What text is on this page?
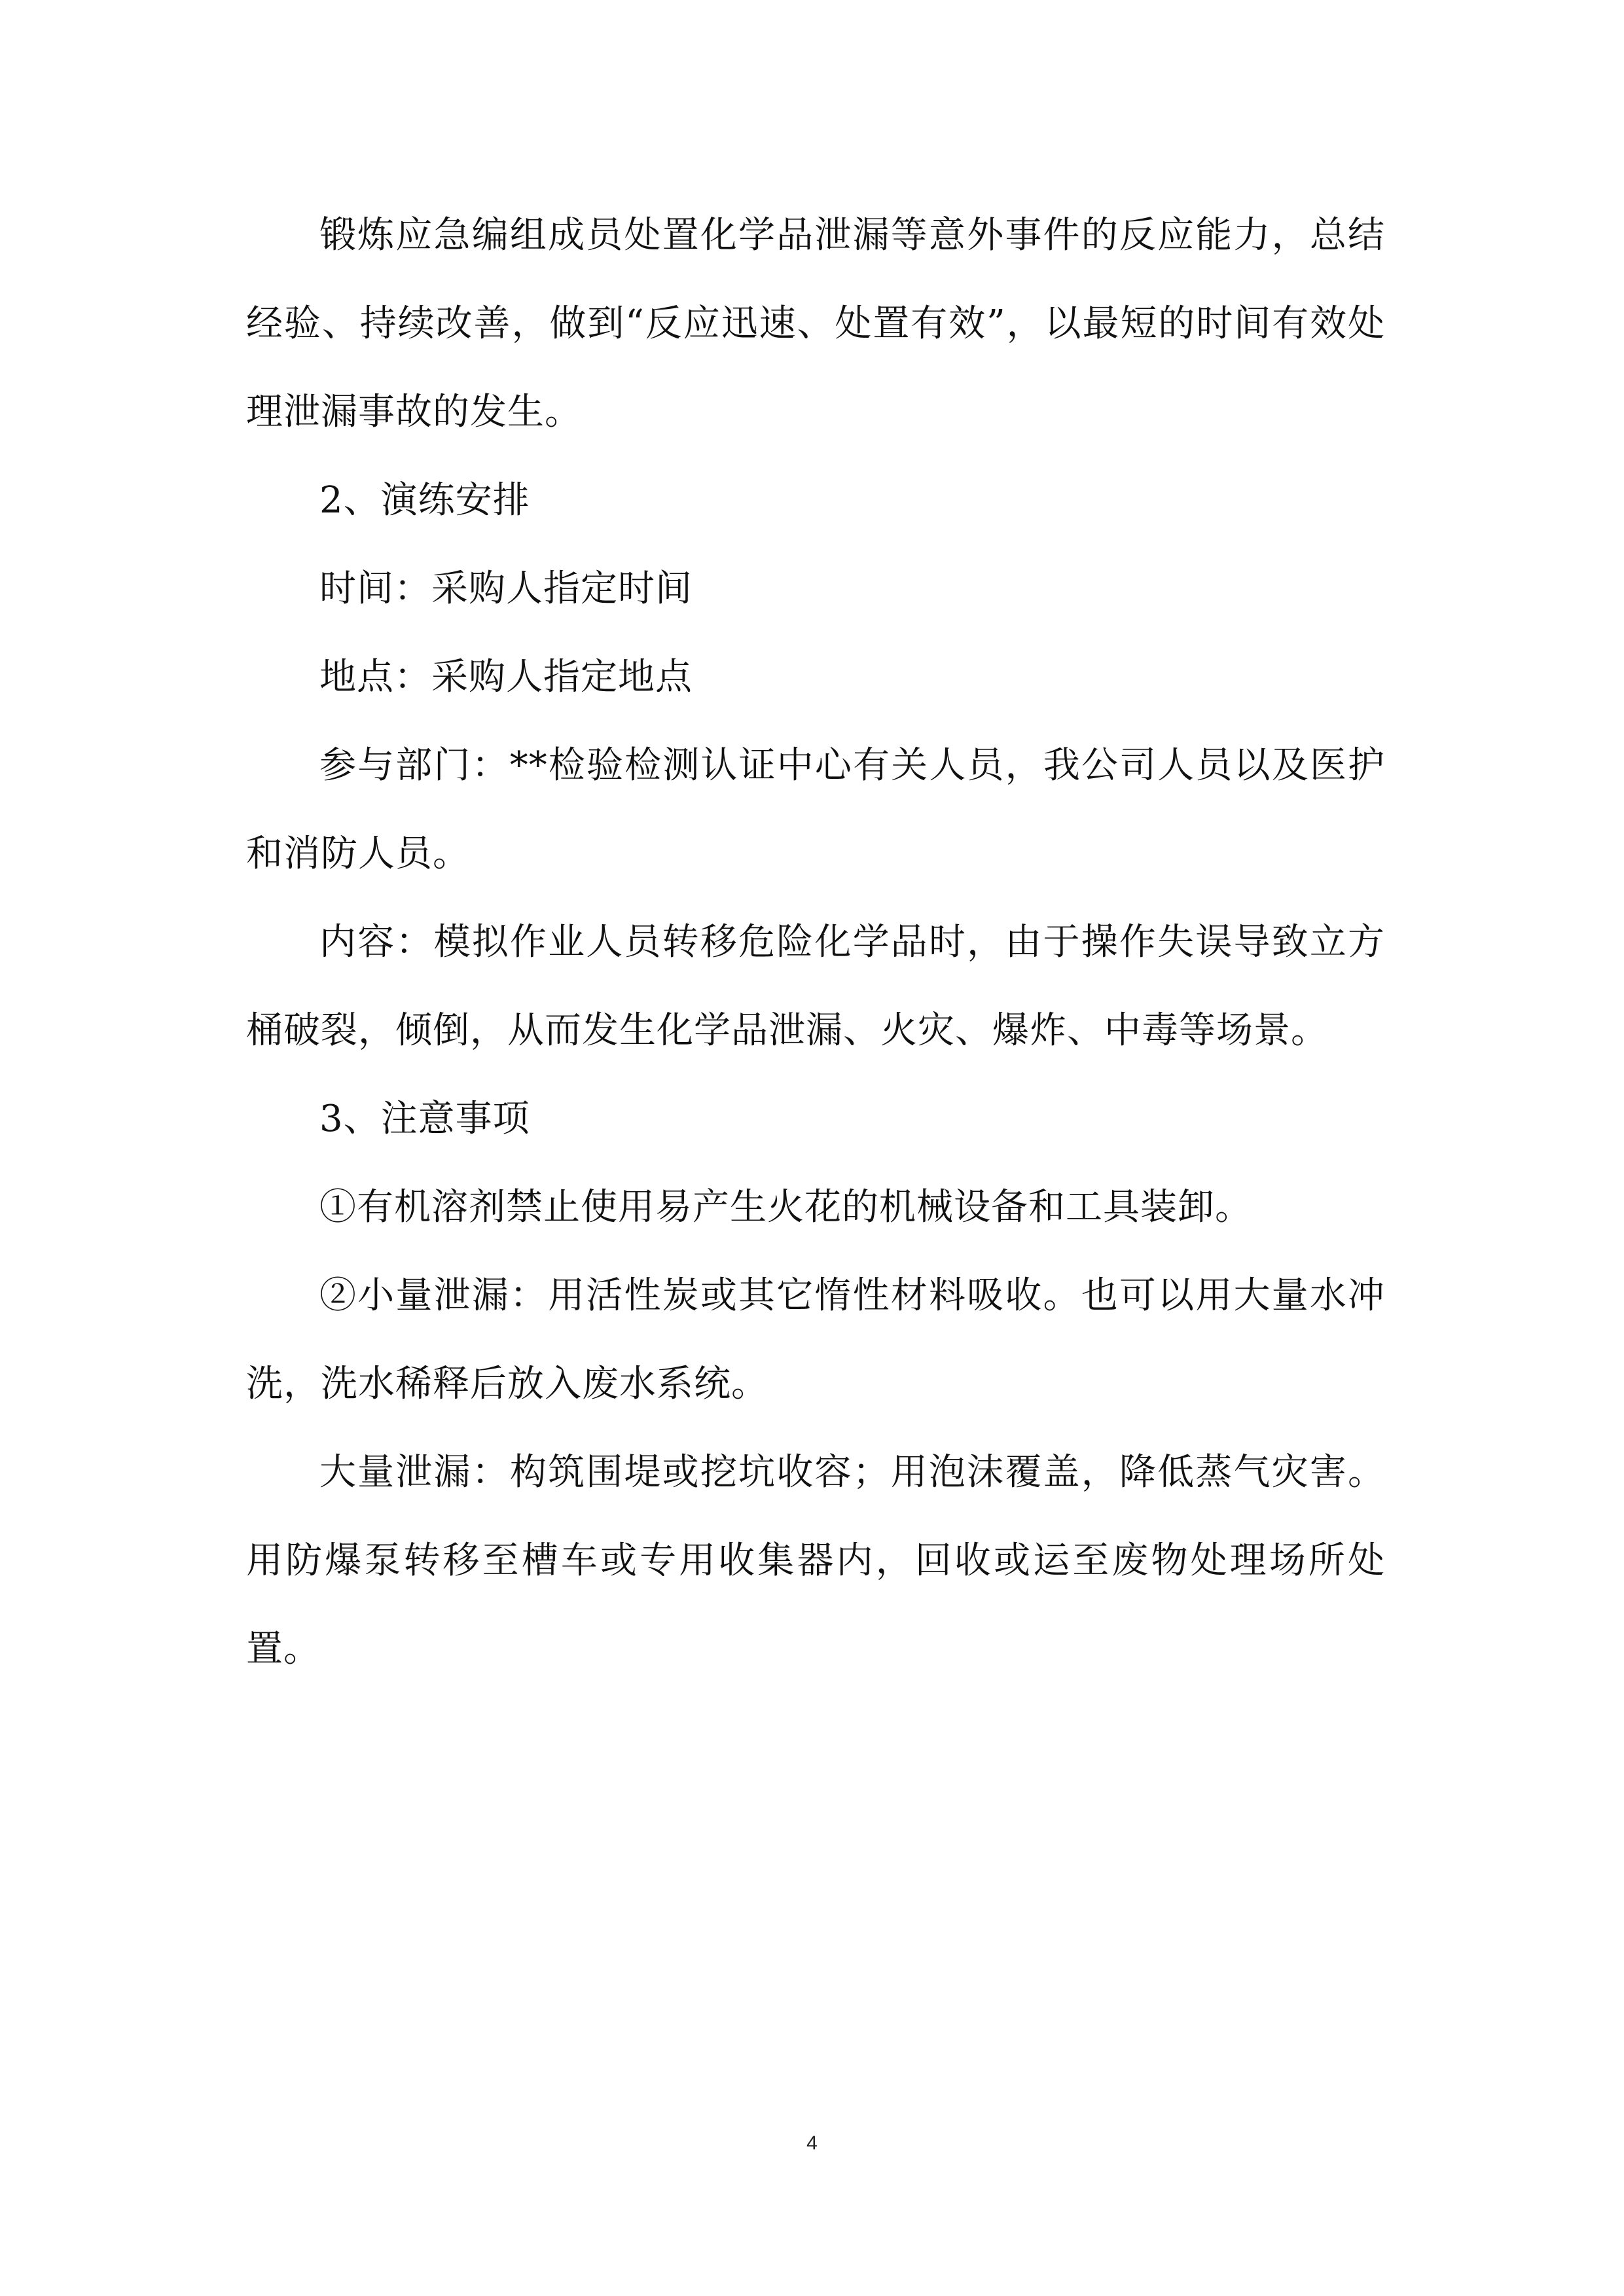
锻炼应急编组成员处置化学品泄漏等意外事件的反应能力，总结经验、持续改善，做到“反应迅速、处置有效”，以最短的时间有效处理泄漏事故的发生。

2、演练安排

时间：采购人指定时间

地点：采购人指定地点

参与部门：**检验检测认证中心有关人员，我公司人员以及医护和消防人员。

内容：模拟作业人员转移危险化学品时，由于操作失误导致立方桶破裂，倾倒，从而发生化学品泄漏、火灾、爆炸、中毒等场景。

3、注意事项

①有机溶剂禁止使用易产生火花的机械设备和工具装卸。

②小量泄漏：用活性炭或其它惰性材料吸收。也可以用大量水冲洗，洗水稀释后放入废水系统。

大量泄漏：构筑围堤或挖坑收容；用泡沫覆盖，降低蒸气灾害。用防爆泵转移至槽车或专用收集器内，回收或运至废物处理场所处置。

4
